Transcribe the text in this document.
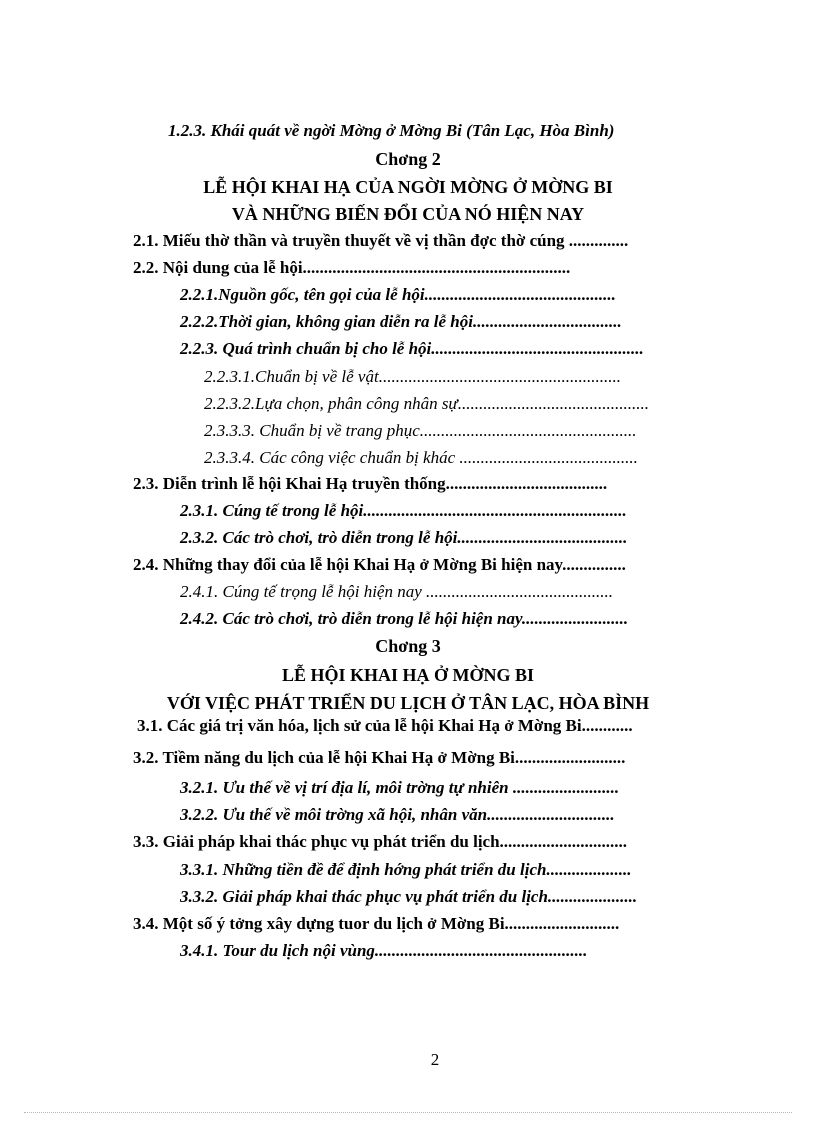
1.2.3. Khái quát về ngời Mờng ở Mờng Bi (Tân Lạc, Hòa Bình)
Chơng 2
LỄ HỘI KHAI HẠ CỦA NGỜI MỜNG Ở MỜNG BI
VÀ NHỮNG BIẾN ĐỔI CỦA NÓ HIỆN NAY
2.1. Miếu thờ thần và truyền thuyết về vị thần đợc thờ cúng ..............
2.2. Nội dung của lễ hội...............................................................
2.2.1.Nguồn gốc, tên gọi của lễ hội.............................................
2.2.2.Thời gian, không gian diễn ra lễ hội...................................
2.2.3. Quá trình chuẩn bị cho lễ hội..................................................
2.2.3.1.Chuẩn bị về lễ vật.........................................................
2.2.3.2.Lựa chọn, phân công nhân sự.............................................
2.3.3.3. Chuẩn bị về trang phục...................................................
2.3.3.4. Các công việc chuẩn bị khác ..........................................
2.3. Diễn trình lễ hội Khai Hạ truyền thống......................................
2.3.1. Cúng tế trong lễ hội..............................................................
2.3.2. Các trò chơi, trò diễn trong lễ hội........................................
2.4. Những thay đổi của lễ hội Khai Hạ ở Mờng Bi hiện nay...............
2.4.1. Cúng tế trọng lễ hội hiện nay ............................................
2.4.2. Các trò chơi, trò diễn trong lễ hội hiện nay.........................
Chơng 3
LỄ HỘI KHAI HẠ Ở MỜNG BI
VỚI VIỆC PHÁT TRIỂN DU LỊCH Ở TÂN LẠC, HÒA BÌNH
3.1. Các giá trị văn hóa, lịch sử của lễ hội Khai Hạ ở Mờng Bi............
3.2. Tiềm năng du lịch của lễ hội Khai Hạ ở Mờng Bi..........................
3.2.1. Ưu thế về vị trí địa lí, môi trờng tự nhiên .........................
3.2.2. Ưu thế về môi trờng xã hội, nhân văn..............................
3.3. Giải pháp khai thác phục vụ phát triển du lịch..............................
3.3.1. Những tiền đề để định hớng phát triển du lịch....................
3.3.2. Giải pháp khai thác phục vụ phát triển du lịch.....................
3.4. Một số ý tởng xây dựng tuor du lịch ở Mờng Bi...........................
3.4.1. Tour du lịch nội vùng..................................................
2
